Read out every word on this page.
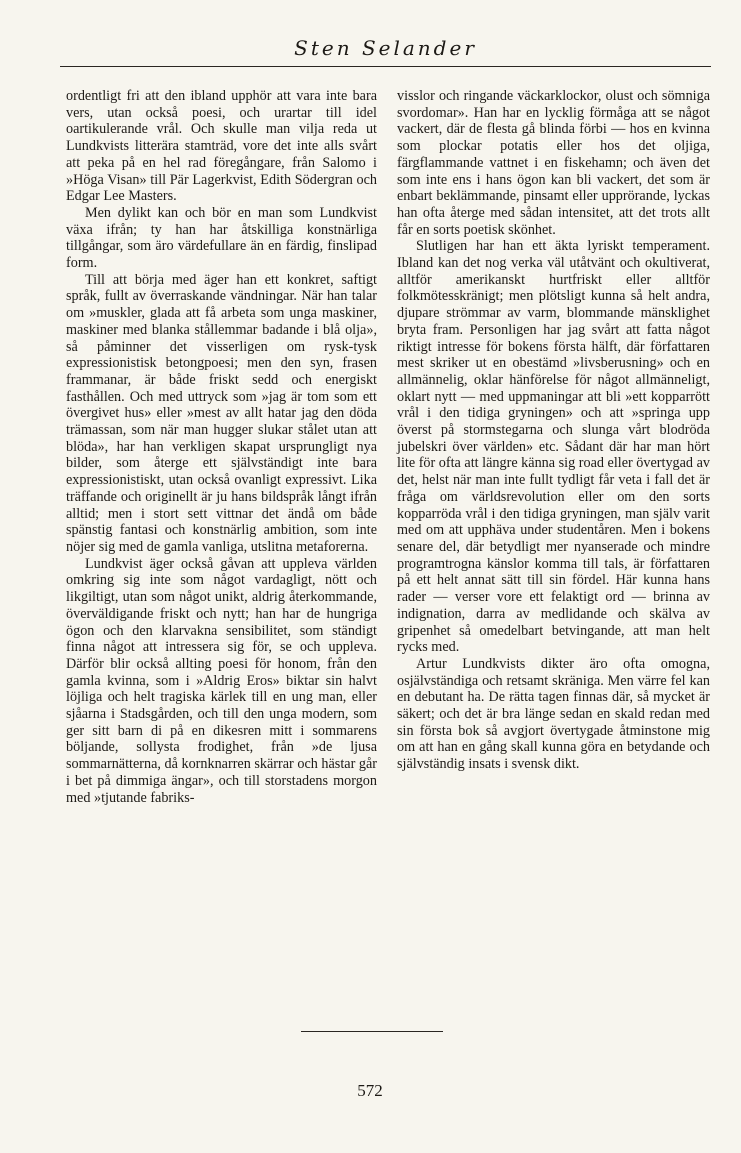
Sten Selander

ordentligt fri att den ibland upphör att vara inte bara vers, utan också poesi, och urartar till idel oartikulerande vrål. Och skulle man vilja reda ut Lundkvists litterära stamträd, vore det inte alls svårt att peka på en hel rad föregångare, från Salomo i »Höga Visan» till Pär Lagerkvist, Edith Södergran och Edgar Lee Masters.

Men dylikt kan och bör en man som Lundkvist växa ifrån; ty han har åtskilliga konstnärliga tillgångar, som äro värdefullare än en färdig, finslipad form.

Till att börja med äger han ett konkret, saftigt språk, fullt av överraskande vändningar. När han talar om »muskler, glada att få arbeta som unga maskiner, maskiner med blanka stållemmar badande i blå olja», så påminner det visserligen om rysk-tysk expressionistisk betongpoesi; men den syn, frasen frammanar, är både friskt sedd och energiskt fasthållen. Och med uttryck som »jag är tom som ett övergivet hus» eller »mest av allt hatar jag den döda trämassan, som när man hugger slukar stålet utan att blöda», har han verkligen skapat ursprungligt nya bilder, som återge ett självständigt inte bara expressionistiskt, utan också ovanligt expressivt. Lika träffande och originellt är ju hans bildspråk långt ifrån alltid; men i stort sett vittnar det ändå om både spänstig fantasi och konstnärlig ambition, som inte nöjer sig med de gamla vanliga, utslitna metaforerna.

Lundkvist äger också gåvan att uppleva världen omkring sig inte som något vardagligt, nött och likgiltigt, utan som något unikt, aldrig återkommande, överväldigande friskt och nytt; han har de hungriga ögon och den klarvakna sensibilitet, som ständigt finna något att intressera sig för, se och uppleva. Därför blir också allting poesi för honom, från den gamla kvinna, som i »Aldrig Eros» biktar sin halvt löjliga och helt tragiska kärlek till en ung man, eller sjåarna i Stadsgården, och till den unga modern, som ger sitt barn di på en dikesren mitt i sommarens böljande, sollysta frodighet, från »de ljusa sommarnätterna, då kornknarren skärrar och hästar går i bet på dimmiga ängar», och till storstadens morgon med »tjutande fabriks-

visslor och ringande väckarklockor, olust och sömniga svordomar». Han har en lycklig förmåga att se något vackert, där de flesta gå blinda förbi — hos en kvinna som plockar potatis eller hos det oljiga, färgflammande vattnet i en fiskehamn; och även det som inte ens i hans ögon kan bli vackert, det som är enbart beklämmande, pinsamt eller upprörande, lyckas han ofta återge med sådan intensitet, att det trots allt får en sorts poetisk skönhet.

Slutligen har han ett äkta lyriskt temperament. Ibland kan det nog verka väl utåtvänt och okultiverat, alltför amerikanskt hurtfriskt eller alltför folkmötesskränigt; men plötsligt kunna så helt andra, djupare strömmar av varm, blommande mänsklighet bryta fram. Personligen har jag svårt att fatta något riktigt intresse för bokens första hälft, där författaren mest skriker ut en obestämd »livsberusning» och en allmännelig, oklar hänförelse för något allmänneligt, oklart nytt — med uppmaningar att bli »ett kopparrött vrål i den tidiga gryningen» och att »springa upp överst på stormstegarna och slunga vårt blodröda jubelskri över världen» etc. Sådant där har man hört lite för ofta att längre känna sig road eller övertygad av det, helst när man inte fullt tydligt får veta i fall det är fråga om världsrevolution eller om den sorts kopparröda vrål i den tidiga gryningen, man själv varit med om att upphäva under studentåren. Men i bokens senare del, där betydligt mer nyanserade och mindre programtrogna känslor komma till tals, är författaren på ett helt annat sätt till sin fördel. Här kunna hans rader — verser vore ett felaktigt ord — brinna av indignation, darra av medlidande och skälva av gripenhet så omedelbart betvingande, att man helt rycks med.

Artur Lundkvists dikter äro ofta omogna, osjälvständiga och retsamt skräniga. Men värre fel kan en debutant ha. De rätta tagen finnas där, så mycket är säkert; och det är bra länge sedan en skald redan med sin första bok så avgjort övertygade åtminstone mig om att han en gång skall kunna göra en betydande och självständig insats i svensk dikt.

572
